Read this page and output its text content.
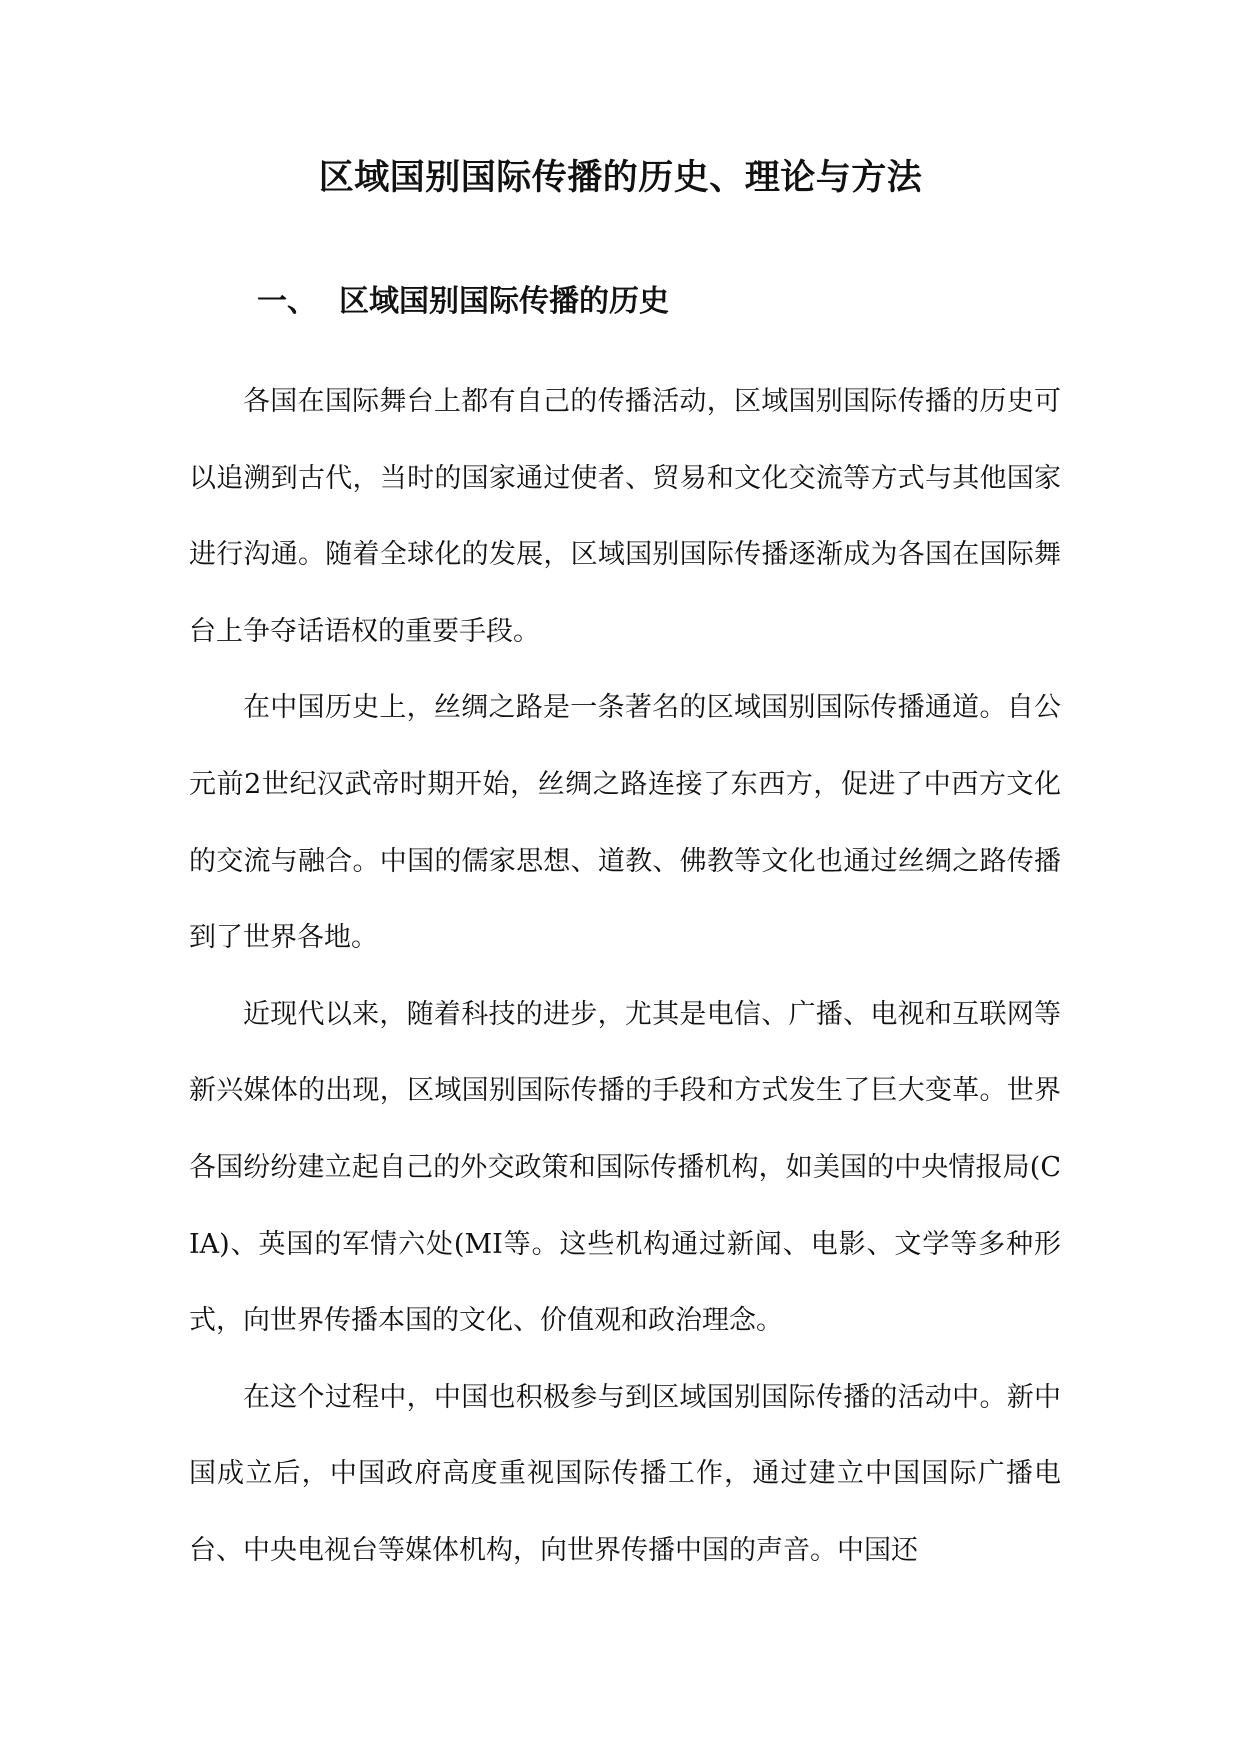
区域国别国际传播的历史、理论与方法
一、 区域国别国际传播的历史

各国在国际舞台上都有自己的传播活动，区域国别国际传播的历史可以追溯到古代，当时的国家通过使者、贸易和文化交流等方式与其他国家进行沟通。随着全球化的发展，区域国别国际传播逐渐成为各国在国际舞台上争夺话语权的重要手段。

在中国历史上，丝绸之路是一条著名的区域国别国际传播通道。自公元前2世纪汉武帝时期开始，丝绸之路连接了东西方，促进了中西方文化的交流与融合。中国的儒家思想、道教、佛教等文化也通过丝绸之路传播到了世界各地。

近现代以来，随着科技的进步，尤其是电信、广播、电视和互联网等新兴媒体的出现，区域国别国际传播的手段和方式发生了巨大变革。世界各国纷纷建立起自己的外交政策和国际传播机构，如美国的中央情报局(CIA)、英国的军情六处(MI等。这些机构通过新闻、电影、文学等多种形式，向世界传播本国的文化、价值观和政治理念。

在这个过程中，中国也积极参与到区域国别国际传播的活动中。新中国成立后，中国政府高度重视国际传播工作，通过建立中国国际广播电台、中央电视台等媒体机构，向世界传播中国的声音。中国还
